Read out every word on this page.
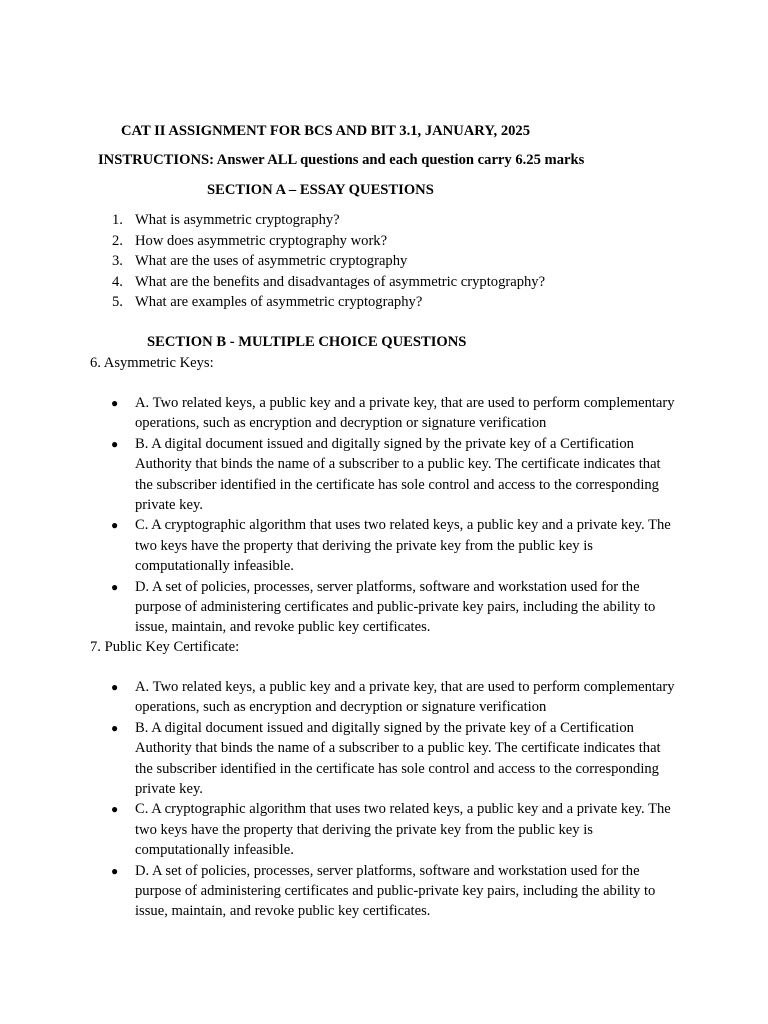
CAT II ASSIGNMENT FOR BCS AND BIT 3.1, JANUARY, 2025

INSTRUCTIONS: Answer ALL questions and each question carry 6.25 marks

SECTION A – ESSAY QUESTIONS

1. What is asymmetric cryptography?
2. How does asymmetric cryptography work?
3. What are the uses of asymmetric cryptography
4. What are the benefits and disadvantages of asymmetric cryptography?
5. What are examples of asymmetric cryptography?

SECTION B - MULTIPLE CHOICE QUESTIONS

6. Asymmetric Keys:
● A. Two related keys, a public key and a private key, that are used to perform complementary operations, such as encryption and decryption or signature verification
● B. A digital document issued and digitally signed by the private key of a Certification Authority that binds the name of a subscriber to a public key. The certificate indicates that the subscriber identified in the certificate has sole control and access to the corresponding private key.
● C. A cryptographic algorithm that uses two related keys, a public key and a private key. The two keys have the property that deriving the private key from the public key is computationally infeasible.
● D. A set of policies, processes, server platforms, software and workstation used for the purpose of administering certificates and public-private key pairs, including the ability to issue, maintain, and revoke public key certificates.
7. Public Key Certificate:
● A. Two related keys, a public key and a private key, that are used to perform complementary operations, such as encryption and decryption or signature verification
● B. A digital document issued and digitally signed by the private key of a Certification Authority that binds the name of a subscriber to a public key. The certificate indicates that the subscriber identified in the certificate has sole control and access to the corresponding private key.
● C. A cryptographic algorithm that uses two related keys, a public key and a private key. The two keys have the property that deriving the private key from the public key is computationally infeasible.
● D. A set of policies, processes, server platforms, software and workstation used for the purpose of administering certificates and public-private key pairs, including the ability to issue, maintain, and revoke public key certificates.
